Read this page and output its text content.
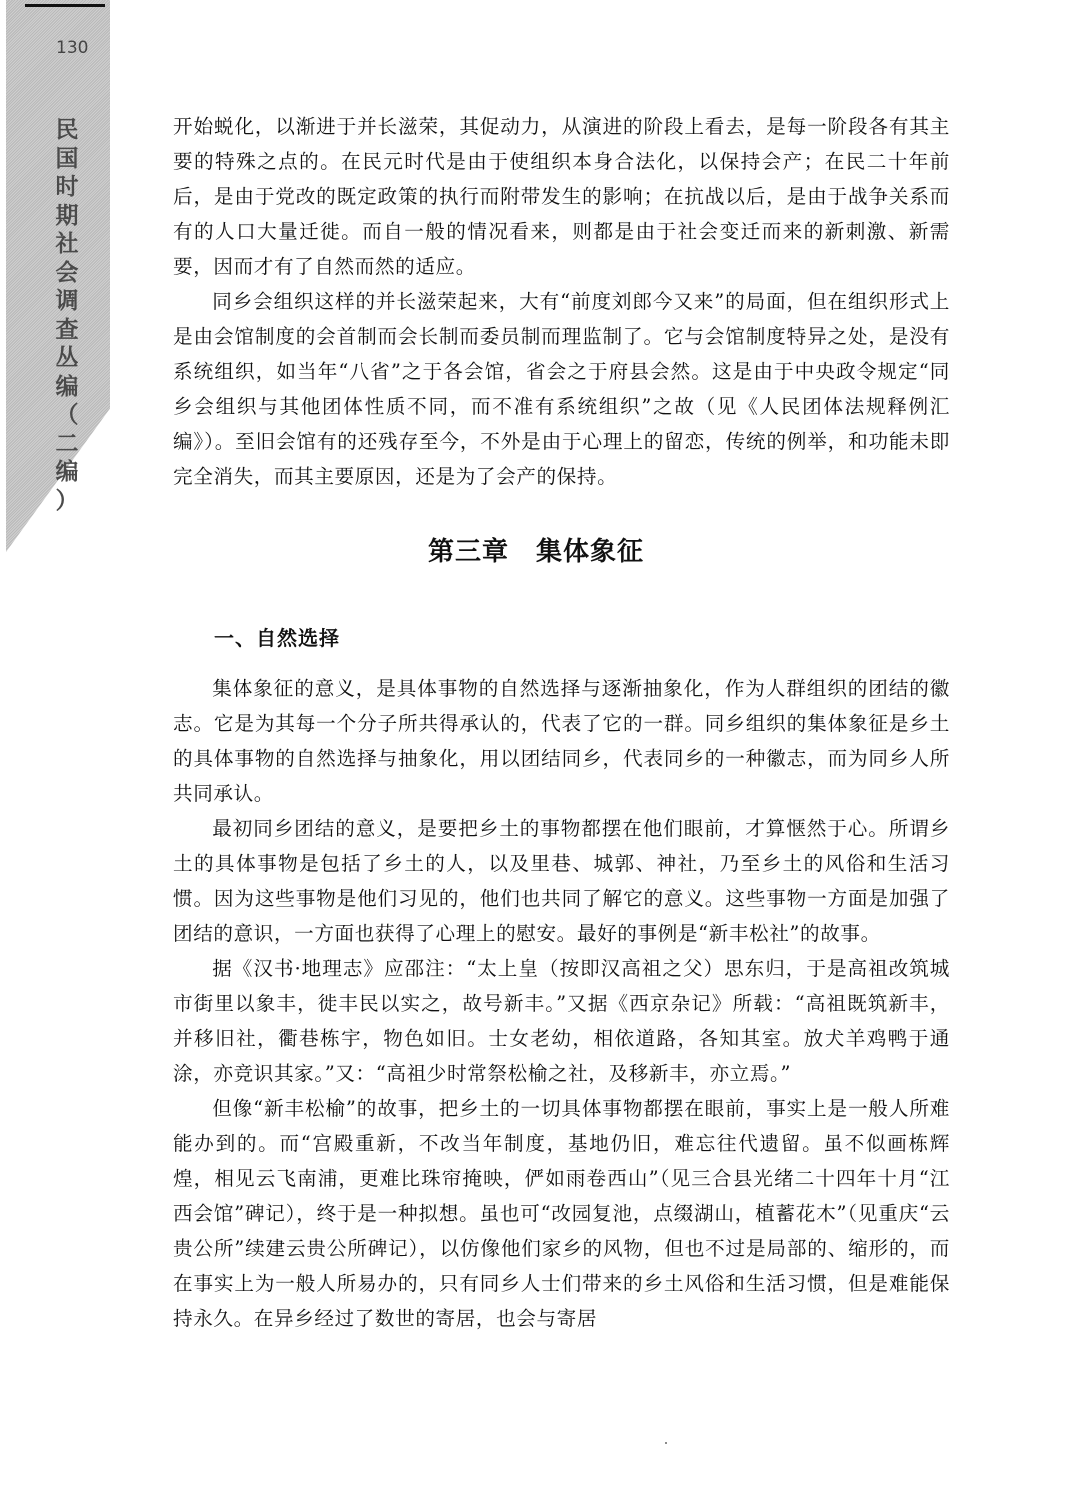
130
民
国
时
期
社
会
调
查
丛
编
（
二
编
）

开始蜕化，以渐进于并长滋荣，其促动力，从演进的阶段上看去，是每一阶段各有其主要的特殊之点的。在民元时代是由于使组织本身合法化，以保持会产；在民二十年前后，是由于党改的既定政策的执行而附带发生的影响；在抗战以后，是由于战争关系而有的人口大量迁徙。而自一般的情况看来，则都是由于社会变迁而来的新刺激、新需要，因而才有了自然而然的适应。

同乡会组织这样的并长滋荣起来，大有“前度刘郎今又来”的局面，但在组织形式上是由会馆制度的会首制而会长制而委员制而理监制了。它与会馆制度特异之处，是没有系统组织，如当年“八省”之于各会馆，省会之于府县会然。这是由于中央政令规定“同乡会组织与其他团体性质不同，而不准有系统组织”之故（见《人民团体法规释例汇编》）。至旧会馆有的还残存至今，不外是由于心理上的留恋，传统的例举，和功能未即完全消失，而其主要原因，还是为了会产的保持。

第三章　集体象征
一、自然选择

集体象征的意义，是具体事物的自然选择与逐渐抽象化，作为人群组织的团结的徽志。它是为其每一个分子所共得承认的，代表了它的一群。同乡组织的集体象征是乡土的具体事物的自然选择与抽象化，用以团结同乡，代表同乡的一种徽志，而为同乡人所共同承认。

最初同乡团结的意义，是要把乡土的事物都摆在他们眼前，才算惬然于心。所谓乡土的具体事物是包括了乡土的人，以及里巷、城郭、神社，乃至乡土的风俗和生活习惯。因为这些事物是他们习见的，他们也共同了解它的意义。这些事物一方面是加强了团结的意识，一方面也获得了心理上的慰安。最好的事例是“新丰松社”的故事。

据《汉书·地理志》应邵注：“太上皇（按即汉高祖之父）思东归，于是高祖改筑城市街里以象丰，徙丰民以实之，故号新丰。”又据《西京杂记》所载：“高祖既筑新丰，并移旧社，衢巷栋宇，物色如旧。士女老幼，相依道路，各知其室。放犬羊鸡鸭于通涂，亦竞识其家。”又：“高祖少时常祭松榆之社，及移新丰，亦立焉。”

但像“新丰松榆”的故事，把乡土的一切具体事物都摆在眼前，事实上是一般人所难能办到的。而“宫殿重新，不改当年制度，基地仍旧，难忘往代遗留。虽不似画栋辉煌，相见云飞南浦，更难比珠帘掩映，俨如雨卷西山”（见三合县光绪二十四年十月“江西会馆”碑记），终于是一种拟想。虽也可“改园复池，点缀湖山，植蓄花木”（见重庆“云贵公所”续建云贵公所碑记），以仿像他们家乡的风物，但也不过是局部的、缩形的，而在事实上为一般人所易办的，只有同乡人士们带来的乡土风俗和生活习惯，但是难能保持永久。在异乡经过了数世的寄居，也会与寄居
